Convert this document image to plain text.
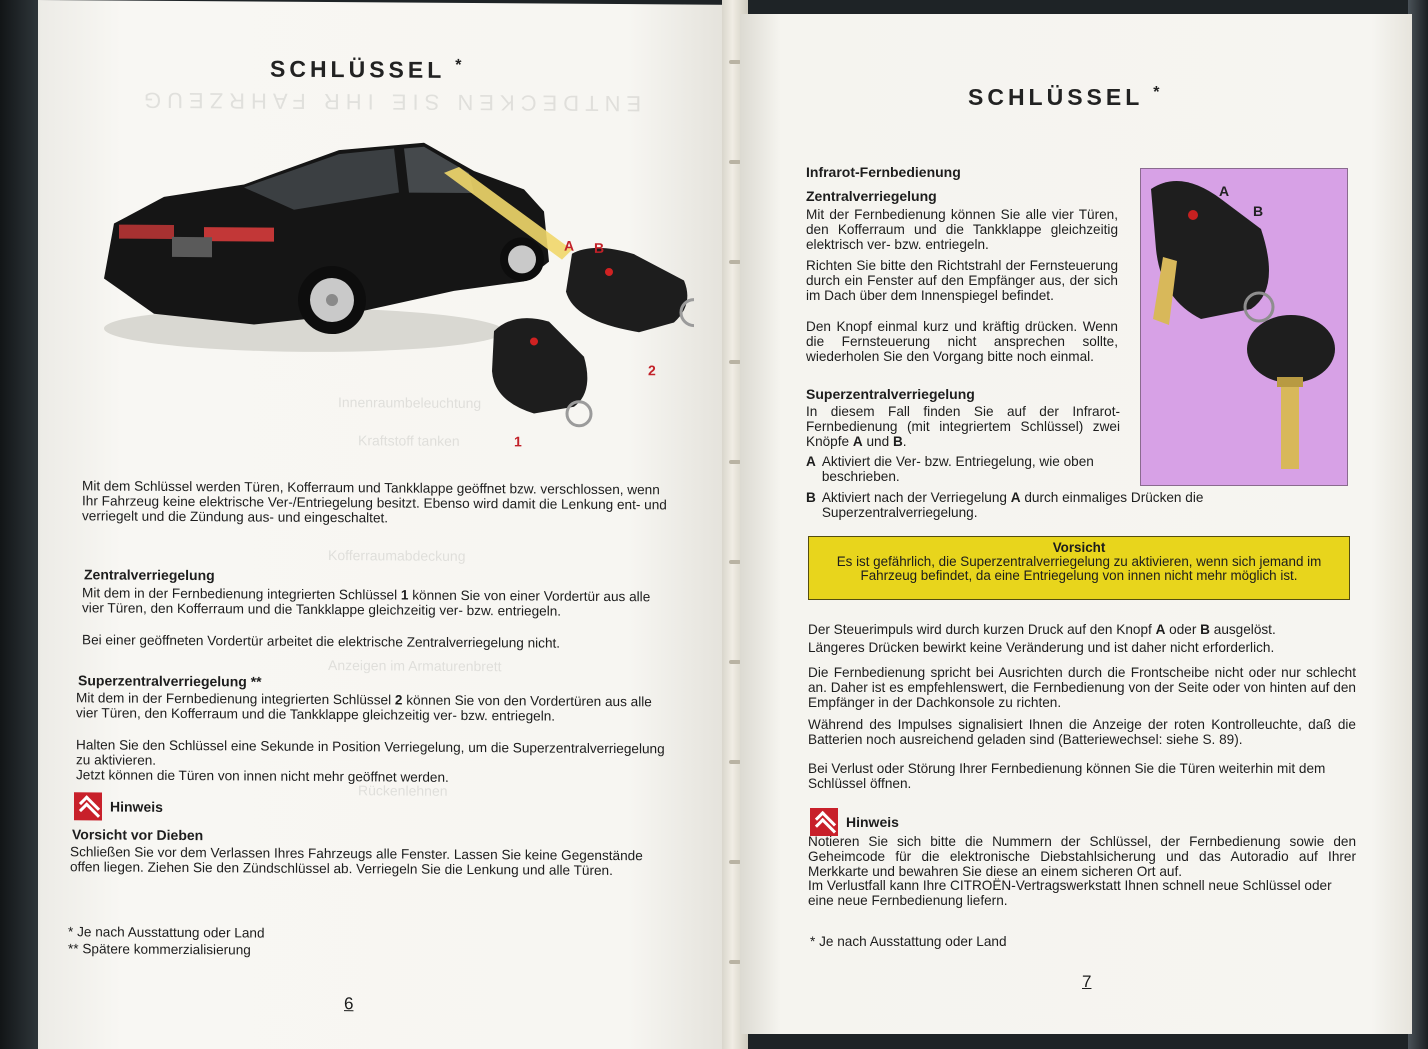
ENTDECKEN SIE IHR FAHRZEUG
Innenraumbeleuchtung
Kraftstoff tanken
Kofferraumabdeckung
Anzeigen im Armaturenbrett
Rückenlehnen
SCHLÜSSEL *
A B
2
1
Mit dem Schlüssel werden Türen, Kofferraum und Tankklappe geöffnet bzw. verschlossen, wenn Ihr Fahrzeug keine elektrische Ver-/Entriegelung besitzt. Ebenso wird damit die Lenkung ent- und verriegelt und die Zündung aus- und eingeschaltet.
Zentralverriegelung
Mit dem in der Fernbedienung integrierten Schlüssel 1 können Sie von einer Vordertür aus alle vier Türen, den Kofferraum und die Tankklappe gleichzeitig ver- bzw. entriegeln.
Bei einer geöffneten Vordertür arbeitet die elektrische Zentralverriegelung nicht.
Superzentralverriegelung **
Mit dem in der Fernbedienung integrierten Schlüssel 2 können Sie von den Vordertüren aus alle vier Türen, den Kofferraum und die Tankklappe gleichzeitig ver- bzw. entriegeln.
Halten Sie den Schlüssel eine Sekunde in Position Verriegelung, um die Superzentralverriegelung zu aktivieren.
Jetzt können die Türen von innen nicht mehr geöffnet werden.
Hinweis
Vorsicht vor Dieben
Schließen Sie vor dem Verlassen Ihres Fahrzeugs alle Fenster. Lassen Sie keine Gegenstände offen liegen. Ziehen Sie den Zündschlüssel ab. Verriegeln Sie die Lenkung und alle Türen.
* Je nach Ausstattung oder Land
** Spätere kommerzialisierung
6
SCHLÜSSEL *
Infrarot-Fernbedienung
Zentralverriegelung
Mit der Fernbedienung können Sie alle vier Türen, den Kofferraum und die Tankklappe gleichzeitig elektrisch ver- bzw. entriegeln.
Richten Sie bitte den Richtstrahl der Fernsteuerung durch ein Fenster auf den Empfänger aus, der sich im Dach über dem Innenspiegel befindet.
Den Knopf einmal kurz und kräftig drücken. Wenn die Fernsteuerung nicht ansprechen sollte, wiederholen Sie den Vorgang bitte noch einmal.
Superzentralverriegelung
In diesem Fall finden Sie auf der Infrarot-Fernbedienung (mit integriertem Schlüssel) zwei Knöpfe A und B.
A Aktiviert die Ver- bzw. Entriegelung, wie oben beschrieben.
B Aktiviert nach der Verriegelung A durch einmaliges Drücken die Superzentralverriegelung.
A
B
Vorsicht
Es ist gefährlich, die Superzentralverriegelung zu aktivieren, wenn sich jemand im Fahrzeug befindet, da eine Entriegelung von innen nicht mehr möglich ist.
Der Steuerimpuls wird durch kurzen Druck auf den Knopf A oder B ausgelöst.
Längeres Drücken bewirkt keine Veränderung und ist daher nicht erforderlich.
Die Fernbedienung spricht bei Ausrichten durch die Frontscheibe nicht oder nur schlecht an. Daher ist es empfehlenswert, die Fernbedienung von der Seite oder von hinten auf den Empfänger in der Dachkonsole zu richten.
Während des Impulses signalisiert Ihnen die Anzeige der roten Kontrolleuchte, daß die Batterien noch ausreichend geladen sind (Batteriewechsel: siehe S. 89).
Bei Verlust oder Störung Ihrer Fernbedienung können Sie die Türen weiterhin mit dem Schlüssel öffnen.
Hinweis
Notieren Sie sich bitte die Nummern der Schlüssel, der Fernbedienung sowie den Geheimcode für die elektronische Diebstahlsicherung und das Autoradio auf Ihrer Merkkarte und bewahren Sie diese an einem sicheren Ort auf.
Im Verlustfall kann Ihre CITROËN-Vertragswerkstatt Ihnen schnell neue Schlüssel oder eine neue Fernbedienung liefern.
* Je nach Ausstattung oder Land
7
